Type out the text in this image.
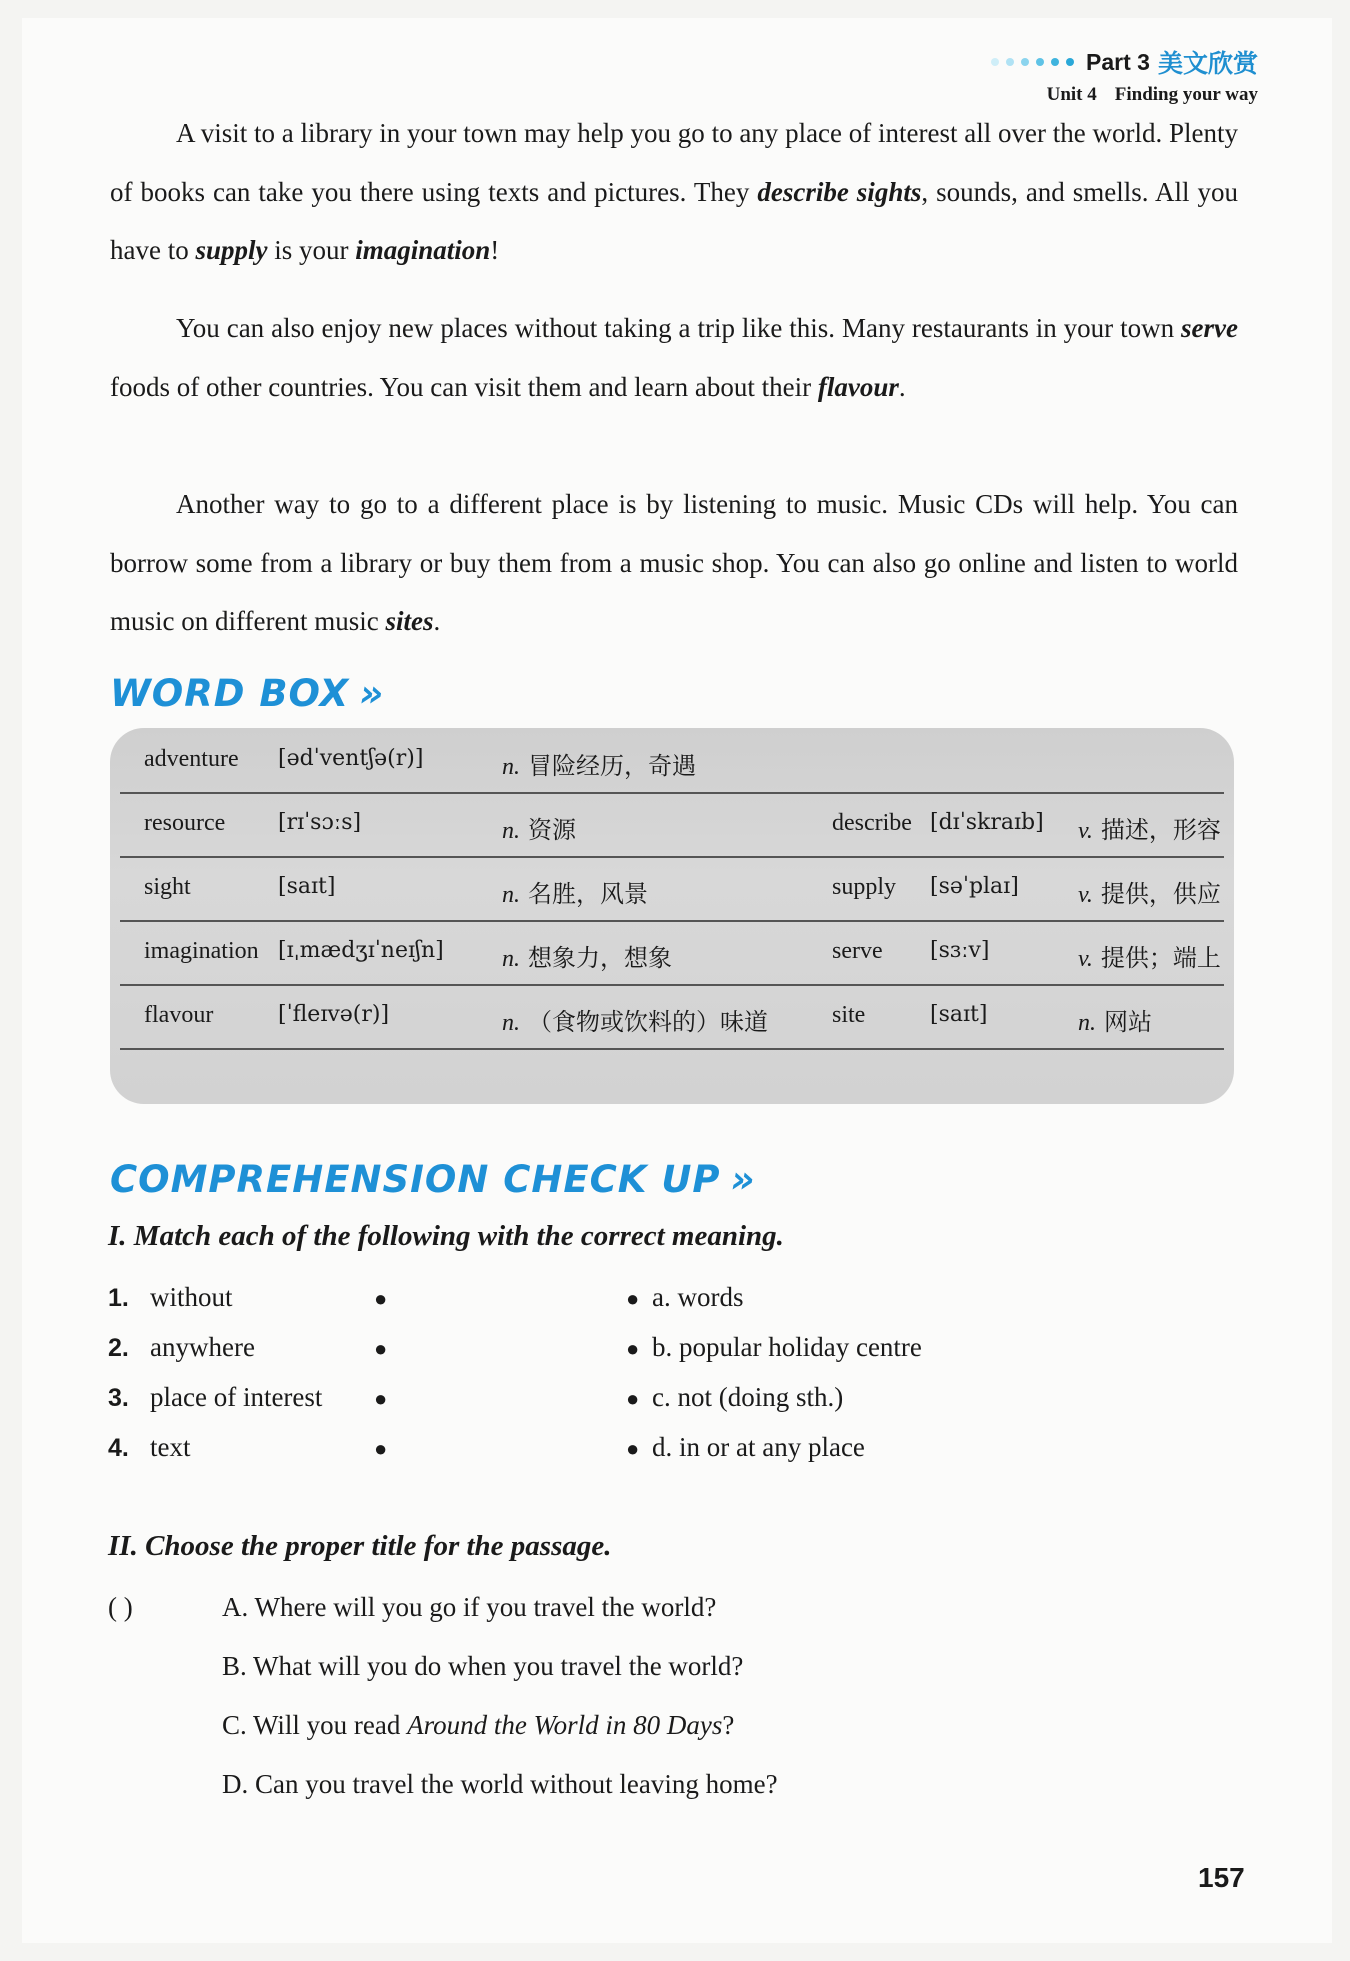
Part 3 美文欣赏
Unit 4 Finding your way
A visit to a library in your town may help you go to any place of interest all over the world. Plenty of books can take you there using texts and pictures. They describe sights, sounds, and smells. All you have to supply is your imagination!
You can also enjoy new places without taking a trip like this. Many restaurants in your town serve foods of other countries. You can visit them and learn about their flavour.
Another way to go to a different place is by listening to music. Music CDs will help. You can borrow some from a library or buy them from a music shop. You can also go online and listen to world music on different music sites.
WORD BOX »
adventure [ədˈventʃə(r)]	n. 冒险经历，奇遇
resource [rɪˈsɔːs]	n. 资源	describe [dɪˈskraɪb] v. 描述，形容
sight	[saɪt]	n. 名胜，风景	supply [səˈplaɪ] v. 提供，供应
imagination [ɪˌmædʒɪˈneɪʃn] n. 想象力，想象	serve [sɜːv]	v. 提供；端上
flavour	[ˈfleɪvə(r)]	n. （食物或饮料的）味道	site	[saɪt]	n. 网站
COMPREHENSION CHECK UP »
I. Match each of the following with the correct meaning.
1. without	●	● a. words
2. anywhere	●	● b. popular holiday centre
3. place of interest ●	● c. not (doing sth.)
4. text	●	● d. in or at any place
II. Choose the proper title for the passage.
( )	A. Where will you go if you travel the world?
B. What will you do when you travel the world?
C. Will you read Around the World in 80 Days?
D. Can you travel the world without leaving home?
157
